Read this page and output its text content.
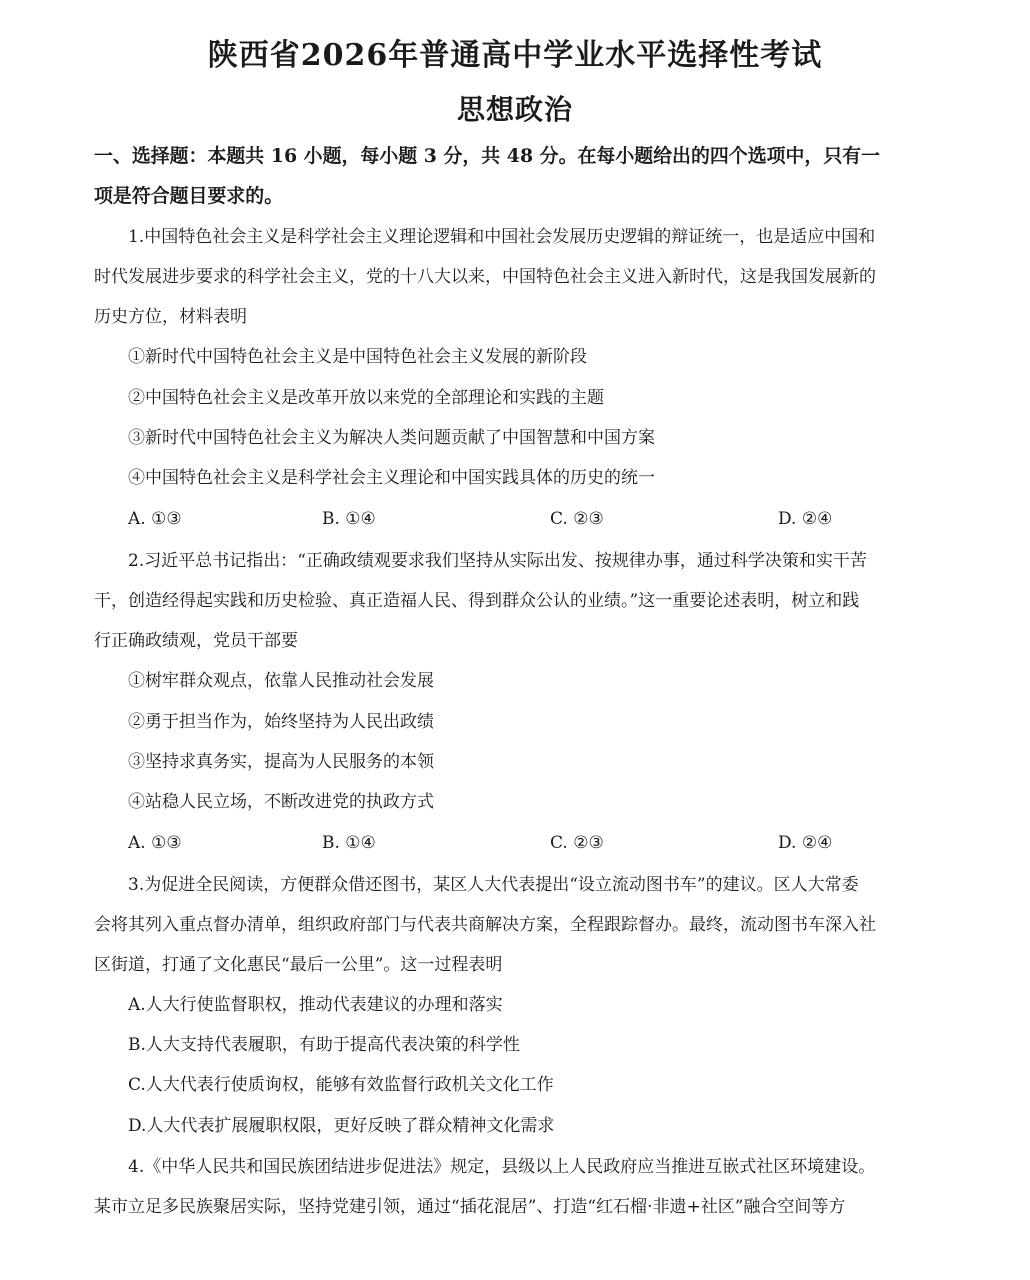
陕西省2026年普通高中学业水平选择性考试
思想政治
一、选择题：本题共 16 小题，每小题 3 分，共 48 分。在每小题给出的四个选项中，只有一
项是符合题目要求的。
1.中国特色社会主义是科学社会主义理论逻辑和中国社会发展历史逻辑的辩证统一，也是适应中国和
时代发展进步要求的科学社会主义，党的十八大以来，中国特色社会主义进入新时代，这是我国发展新的
历史方位，材料表明
①新时代中国特色社会主义是中国特色社会主义发展的新阶段
②中国特色社会主义是改革开放以来党的全部理论和实践的主题
③新时代中国特色社会主义为解决人类问题贡献了中国智慧和中国方案
④中国特色社会主义是科学社会主义理论和中国实践具体的历史的统一
A. ①③	B. ①④	C. ②③	D. ②④
2.习近平总书记指出：“正确政绩观要求我们坚持从实际出发、按规律办事，通过科学决策和实干苦
干，创造经得起实践和历史检验、真正造福人民、得到群众公认的业绩。”这一重要论述表明，树立和践
行正确政绩观，党员干部要
①树牢群众观点，依靠人民推动社会发展
②勇于担当作为，始终坚持为人民出政绩
③坚持求真务实，提高为人民服务的本领
④站稳人民立场，不断改进党的执政方式
A. ①③	B. ①④	C. ②③	D. ②④
3.为促进全民阅读，方便群众借还图书，某区人大代表提出“设立流动图书车”的建议。区人大常委
会将其列入重点督办清单，组织政府部门与代表共商解决方案，全程跟踪督办。最终，流动图书车深入社
区街道，打通了文化惠民“最后一公里”。这一过程表明
A.人大行使监督职权，推动代表建议的办理和落实
B.人大支持代表履职，有助于提高代表决策的科学性
C.人大代表行使质询权，能够有效监督行政机关文化工作
D.人大代表扩展履职权限，更好反映了群众精神文化需求
4.《中华人民共和国民族团结进步促进法》规定，县级以上人民政府应当推进互嵌式社区环境建设。
某市立足多民族聚居实际，坚持党建引领，通过“插花混居”、打造“红石榴·非遗+社区”融合空间等方
